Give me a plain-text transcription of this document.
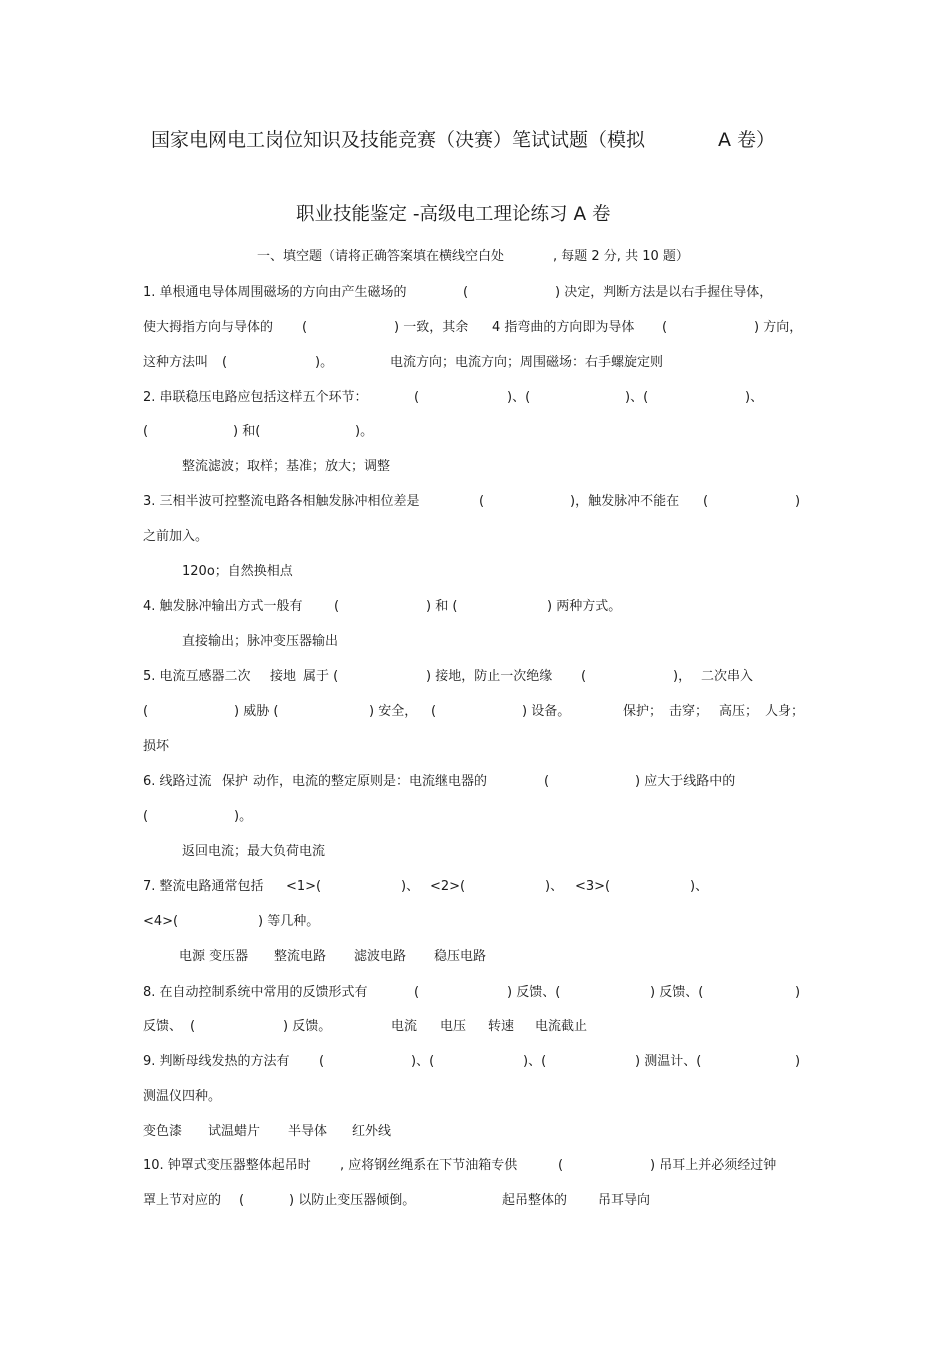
国家电网电工岗位知识及技能竞赛（决赛）笔试试题（模拟	A 卷）
职业技能鉴定 -高级电工理论练习 A 卷
一、填空题（请将正确答案填在横线空白处	, 每题 2 分, 共 10 题）
1. 单根通电导体周围磁场的方向由产生磁场的	(	) 决定，判断方法是以右手握住导体，
使大拇指方向与导体的 (	) 一致，其余 4 指弯曲的方向即为导体 (	) 方向，
这种方法叫 (	)。	电流方向；电流方向；周围磁场：右手螺旋定则
2. 串联稳压电路应包括这样五个环节：	(	)、(	)、(	)、
(	) 和(	)。
整流滤波；取样；基准；放大；调整
3. 三相半波可控整流电路各相触发脉冲相位差是	(	)，触发脉冲不能在 (	)
之前加入。
120o；自然换相点
4. 触发脉冲输出方式一般有 (	) 和 (	) 两种方式。
直接输出；脉冲变压器输出
5. 电流互感器二次 接地 属于 (	) 接地，防止一次绝缘 (	)， 二次串入
(	) 威胁 (	) 安全， (	) 设备。	保护； 击穿； 高压； 人身；
损坏
6. 线路过流 保护 动作，电流的整定原则是：电流继电器的	(	) 应大于线路中的
(	)。
返回电流；最大负荷电流
7. 整流电路通常包括 <1>(	)、 <2>(	)、 <3>(	)、
<4>(	) 等几种。
电源 变压器 整流电路 滤波电路 稳压电路
8. 在自动控制系统中常用的反馈形式有	(	) 反馈、(	) 反馈、(	)
反馈、 (	) 反馈。	电流 电压 转速 电流截止
9. 判断母线发热的方法有 (	)、(	)、(	) 测温计、(	)
测温仪四种。
变色漆 试温蜡片 半导体 红外线
10. 钟罩式变压器整体起吊时 , 应将钢丝绳系在下节油箱专供	(	) 吊耳上并必须经过钟
罩上节对应的 (	) 以防止变压器倾倒。	起吊整体的 吊耳导向
